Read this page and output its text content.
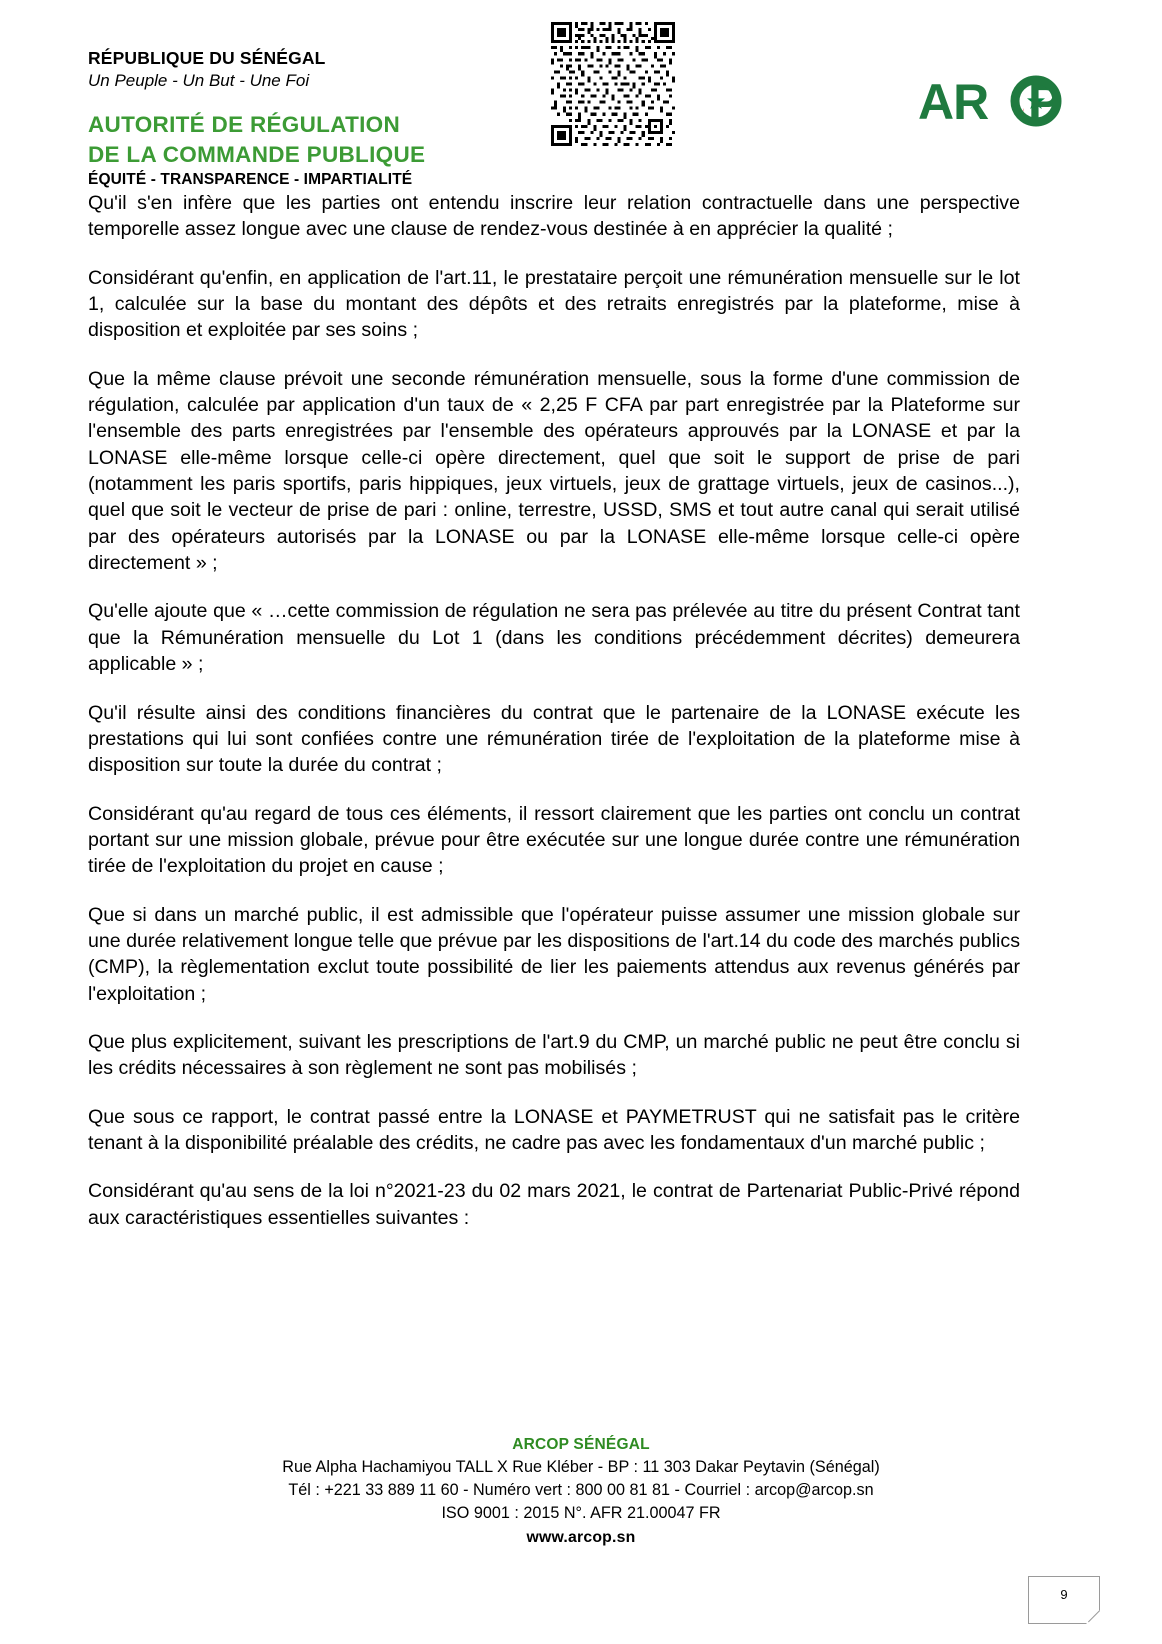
RÉPUBLIQUE DU SÉNÉGAL
Un Peuple - Un But - Une Foi
AUTORITÉ DE RÉGULATION
DE LA COMMANDE PUBLIQUE
ÉQUITÉ - TRANSPARENCE - IMPARTIALITÉ
AR P

Qu'il s'en infère que les parties ont entendu inscrire leur relation contractuelle dans une perspective temporelle assez longue avec une clause de rendez-vous destinée à en apprécier la qualité ;

Considérant qu'enfin, en application de l'art.11, le prestataire perçoit une rémunération mensuelle sur le lot 1, calculée sur la base du montant des dépôts et des retraits enregistrés par la plateforme, mise à disposition et exploitée par ses soins ;

Que la même clause prévoit une seconde rémunération mensuelle, sous la forme d'une commission de régulation, calculée par application d'un taux de « 2,25 F CFA par part enregistrée par la Plateforme sur l'ensemble des parts enregistrées par l'ensemble des opérateurs approuvés par la LONASE et par la LONASE elle-même lorsque celle-ci opère directement, quel que soit le support de prise de pari (notamment les paris sportifs, paris hippiques, jeux virtuels, jeux de grattage virtuels, jeux de casinos...), quel que soit le vecteur de prise de pari : online, terrestre, USSD, SMS et tout autre canal qui serait utilisé par des opérateurs autorisés par la LONASE ou par la LONASE elle-même lorsque celle-ci opère directement » ;

Qu'elle ajoute que « …cette commission de régulation ne sera pas prélevée au titre du présent Contrat tant que la Rémunération mensuelle du Lot 1 (dans les conditions précédemment décrites) demeurera applicable » ;

Qu'il résulte ainsi des conditions financières du contrat que le partenaire de la LONASE exécute les prestations qui lui sont confiées contre une rémunération tirée de l'exploitation de la plateforme mise à disposition sur toute la durée du contrat ;

Considérant qu'au regard de tous ces éléments, il ressort clairement que les parties ont conclu un contrat portant sur une mission globale, prévue pour être exécutée sur une longue durée contre une rémunération tirée de l'exploitation du projet en cause ;

Que si dans un marché public, il est admissible que l'opérateur puisse assumer une mission globale sur une durée relativement longue telle que prévue par les dispositions de l'art.14 du code des marchés publics (CMP), la règlementation exclut toute possibilité de lier les paiements attendus aux revenus générés par l'exploitation ;

Que plus explicitement, suivant les prescriptions de l'art.9 du CMP, un marché public ne peut être conclu si les crédits nécessaires à son règlement ne sont pas mobilisés ;

Que sous ce rapport, le contrat passé entre la LONASE et PAYMETRUST qui ne satisfait pas le critère tenant à la disponibilité préalable des crédits, ne cadre pas avec les fondamentaux d'un marché public ;

Considérant qu'au sens de la loi n°2021-23 du 02 mars 2021, le contrat de Partenariat Public-Privé répond aux caractéristiques essentielles suivantes :

ARCOP SÉNÉGAL
Rue Alpha Hachamiyou TALL X Rue Kléber - BP : 11 303 Dakar Peytavin (Sénégal)
Tél : +221 33 889 11 60 - Numéro vert : 800 00 81 81 - Courriel : arcop@arcop.sn
ISO 9001 : 2015 N°. AFR 21.00047 FR
www.arcop.sn
9
